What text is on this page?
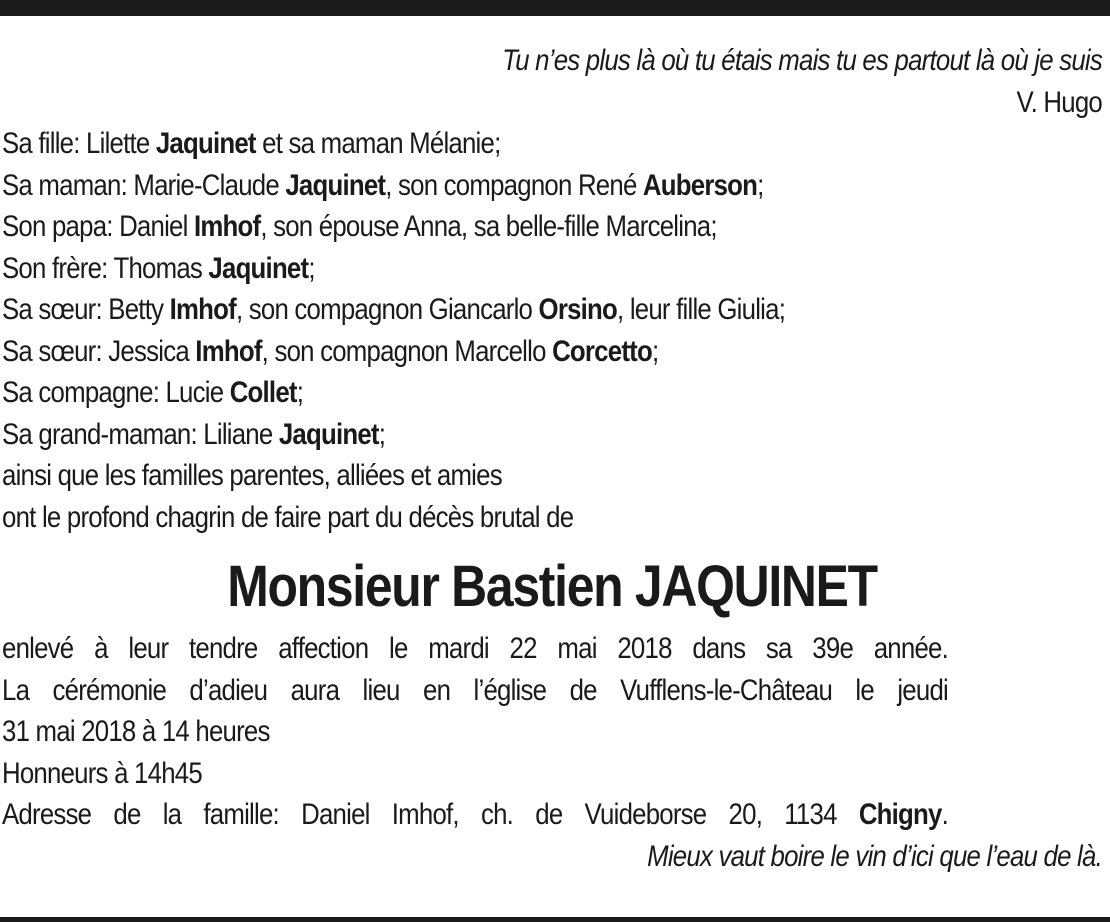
Tu n’es plus là où tu étais mais tu es partout là où je suis
V. Hugo
Sa fille: Lilette Jaquinet et sa maman Mélanie;
Sa maman: Marie-Claude Jaquinet, son compagnon René Auberson;
Son papa: Daniel Imhof, son épouse Anna, sa belle-fille Marcelina;
Son frère: Thomas Jaquinet;
Sa sœur: Betty Imhof, son compagnon Giancarlo Orsino, leur fille Giulia;
Sa sœur: Jessica Imhof, son compagnon Marcello Corcetto;
Sa compagne: Lucie Collet;
Sa grand-maman: Liliane Jaquinet;
ainsi que les familles parentes, alliées et amies
ont le profond chagrin de faire part du décès brutal de
Monsieur Bastien JAQUINET
enlevé à leur tendre affection le mardi 22 mai 2018 dans sa 39e année.
La cérémonie d’adieu aura lieu en l’église de Vufflens-le-Château le jeudi
31 mai 2018 à 14 heures
Honneurs à 14h45
Adresse de la famille: Daniel Imhof, ch. de Vuideborse 20, 1134 Chigny.
Mieux vaut boire le vin d’ici que l’eau de là.
